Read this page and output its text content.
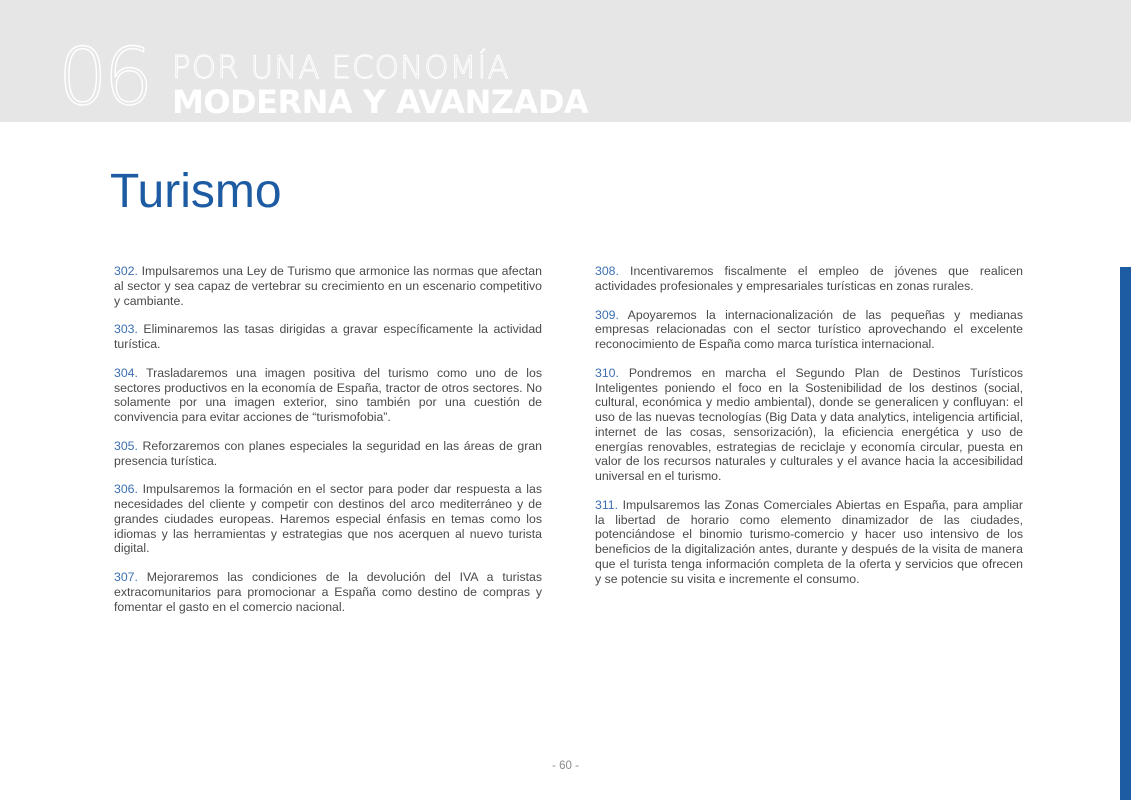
06 POR UNA ECONOMÍA
MODERNA Y AVANZADA
Turismo

302. Impulsaremos una Ley de Turismo que armonice las normas que afectan al sector y sea capaz de vertebrar su crecimiento en un escenario competitivo y cambiante.

303. Eliminaremos las tasas dirigidas a gravar específicamente la actividad turística.

304. Trasladaremos una imagen positiva del turismo como uno de los sectores productivos en la economía de España, tractor de otros sectores. No solamente por una imagen exterior, sino también por una cuestión de convivencia para evitar acciones de “turismofobia”.

305. Reforzaremos con planes especiales la seguridad en las áreas de gran presencia turística.

306. Impulsaremos la formación en el sector para poder dar respuesta a las necesidades del cliente y competir con destinos del arco mediterráneo y de grandes ciudades europeas. Haremos especial énfasis en temas como los idiomas y las herramientas y estrategias que nos acerquen al nuevo turista digital.

307. Mejoraremos las condiciones de la devolución del IVA a turistas extracomunitarios para promocionar a España como destino de compras y fomentar el gasto en el comercio nacional.

308. Incentivaremos fiscalmente el empleo de jóvenes que realicen actividades profesionales y empresariales turísticas en zonas rurales.

309. Apoyaremos la internacionalización de las pequeñas y medianas empresas relacionadas con el sector turístico aprovechando el excelente reconocimiento de España como marca turística internacional.

310. Pondremos en marcha el Segundo Plan de Destinos Turísticos Inteligentes poniendo el foco en la Sostenibilidad de los destinos (social, cultural, económica y medio ambiental), donde se generalicen y confluyan: el uso de las nuevas tecnologías (Big Data y data analytics, inteligencia artificial, internet de las cosas, sensorización), la eficiencia energética y uso de energías renovables, estrategias de reciclaje y economía circular, puesta en valor de los recursos naturales y culturales y el avance hacia la accesibilidad universal en el turismo.

311. Impulsaremos las Zonas Comerciales Abiertas en España, para ampliar la libertad de horario como elemento dinamizador de las ciudades, potenciándose el binomio turismo-comercio y hacer uso intensivo de los beneficios de la digitalización antes, durante y después de la visita de manera que el turista tenga información completa de la oferta y servicios que ofrecen y se potencie su visita e incremente el consumo.

- 60 -
